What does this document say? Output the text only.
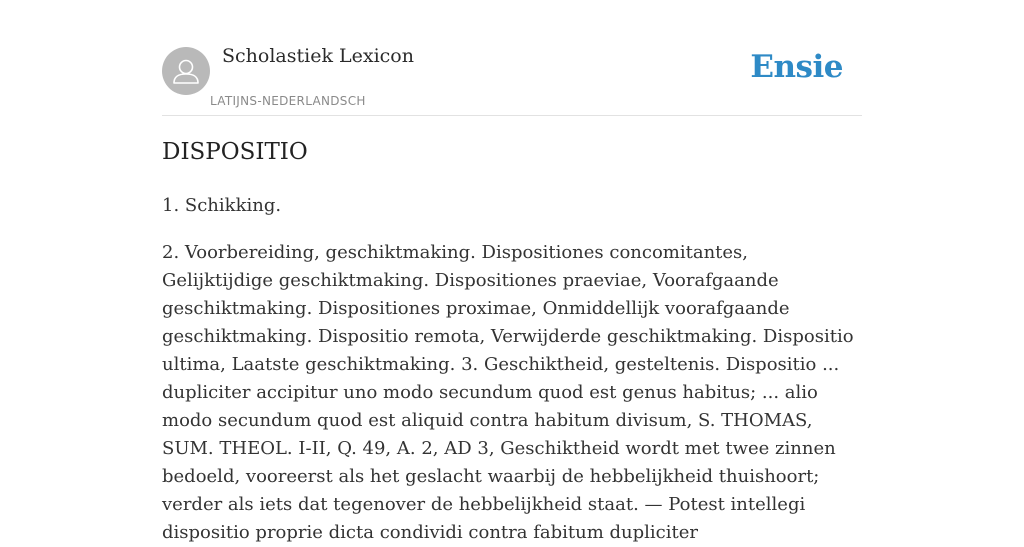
Scholastiek Lexicon
LATIJNS-NEDERLANDSCH
Ensie
DISPOSITIO

1. Schikking.

2. Voorbereiding, geschiktmaking. Dispositiones concomitantes, Gelijktijdige geschiktmaking. Dispositiones praeviae, Voorafgaande geschiktmaking. Dispositiones proximae, Onmiddellijk voorafgaande geschiktmaking. Dispositio remota, Verwijderde geschiktmaking. Dispositio ultima, Laatste geschiktmaking. 3. Geschiktheid, gesteltenis. Dispositio ... dupliciter accipitur uno modo secundum quod est genus habitus; ... alio modo secundum quod est aliquid contra habitum divisum, S. THOMAS, SUM. THEOL. I-II, Q. 49, A. 2, AD 3, Geschiktheid wordt met twee zinnen bedoeld, vooreerst als het geslacht waarbij de hebbelijkheid thuishoort; verder als iets dat tegenover de hebbelijkheid staat. — Potest intellegi dispositio proprie dicta condividi contra fabitum dupliciter
